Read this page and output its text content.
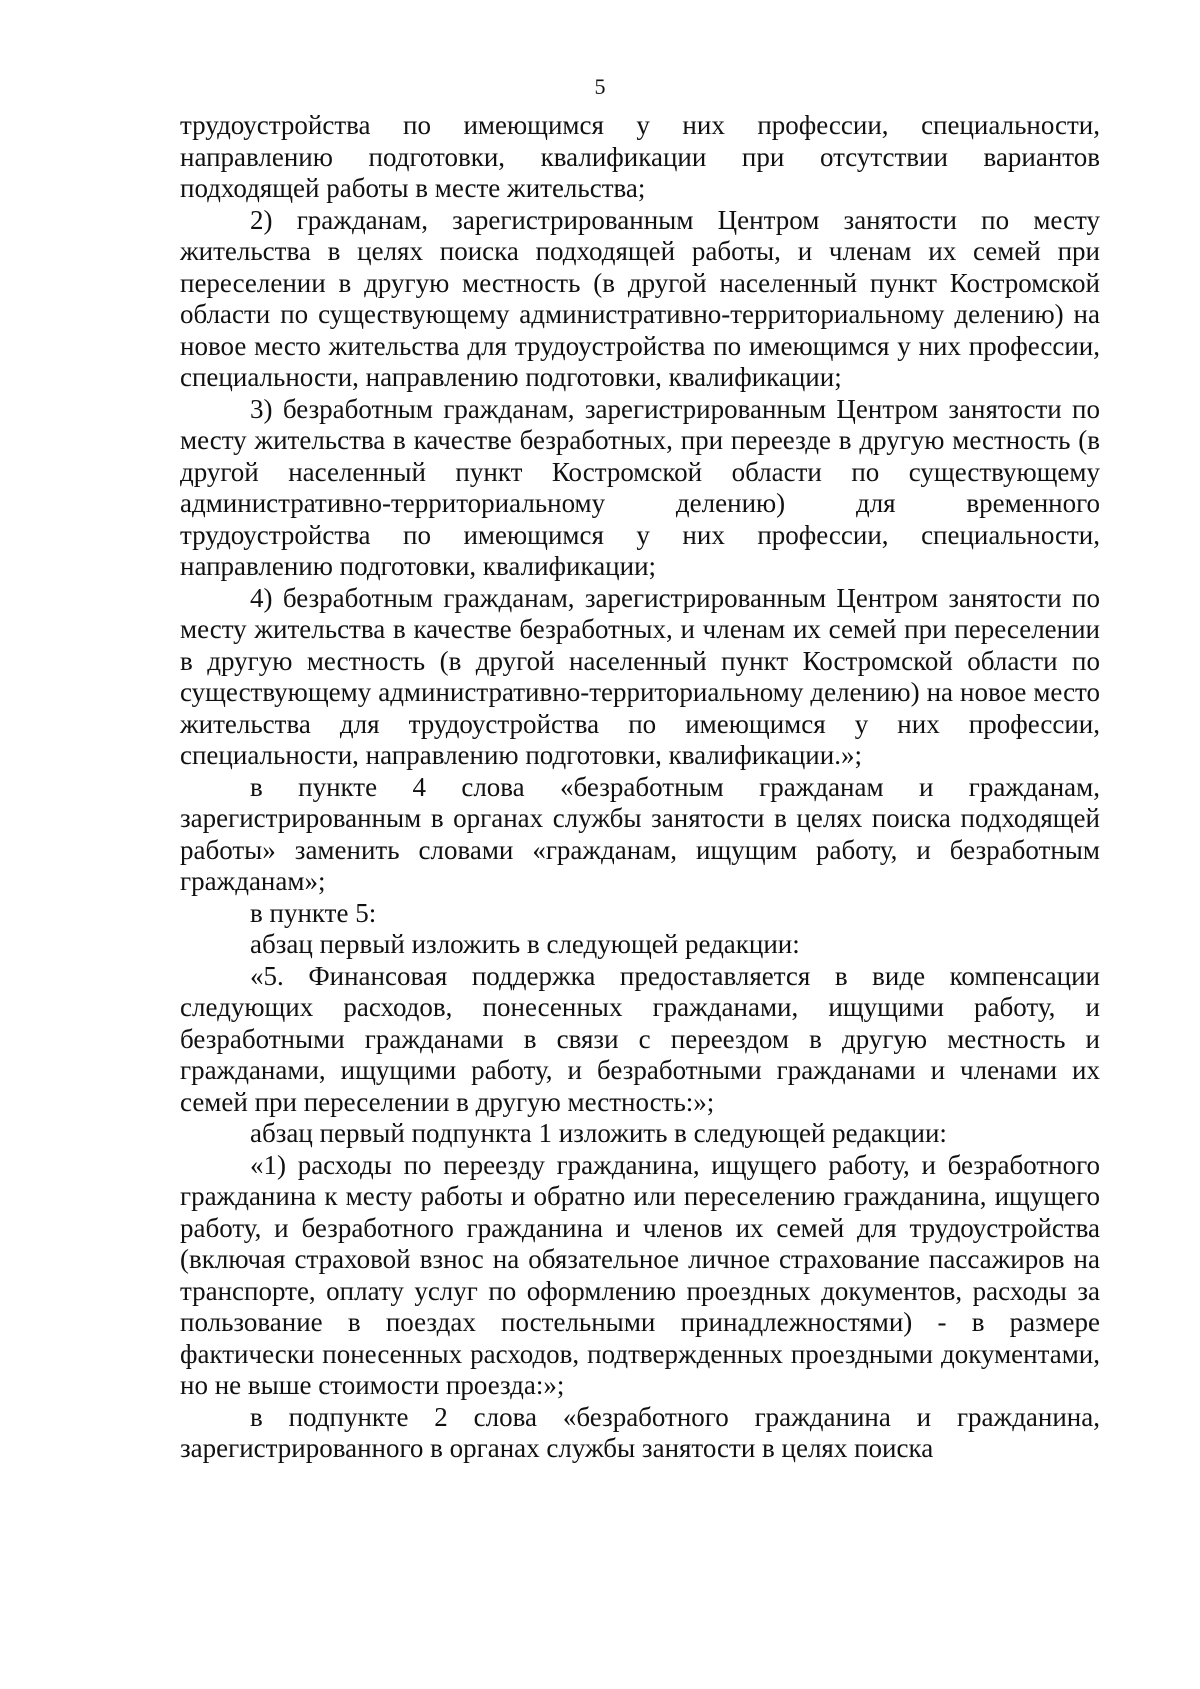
5

трудоустройства по имеющимся у них профессии, специальности, направлению подготовки, квалификации при отсутствии вариантов подходящей работы в месте жительства;

2) гражданам, зарегистрированным Центром занятости по месту жительства в целях поиска подходящей работы, и членам их семей при переселении в другую местность (в другой населенный пункт Костромской области по существующему административно-территориальному делению) на новое место жительства для трудоустройства по имеющимся у них профессии, специальности, направлению подготовки, квалификации;

3) безработным гражданам, зарегистрированным Центром занятости по месту жительства в качестве безработных, при переезде в другую местность (в другой населенный пункт Костромской области по существующему административно-территориальному делению) для временного трудоустройства по имеющимся у них профессии, специальности, направлению подготовки, квалификации;

4) безработным гражданам, зарегистрированным Центром занятости по месту жительства в качестве безработных, и членам их семей при переселении в другую местность (в другой населенный пункт Костромской области по существующему административно-территориальному делению) на новое место жительства для трудоустройства по имеющимся у них профессии, специальности, направлению подготовки, квалификации.»;

в пункте 4 слова «безработным гражданам и гражданам, зарегистрированным в органах службы занятости в целях поиска подходящей работы» заменить словами «гражданам, ищущим работу, и безработным гражданам»;

в пункте 5:

абзац первый изложить в следующей редакции:

«5. Финансовая поддержка предоставляется в виде компенсации следующих расходов, понесенных гражданами, ищущими работу, и безработными гражданами в связи с переездом в другую местность и гражданами, ищущими работу, и безработными гражданами и членами их семей при переселении в другую местность:»;

абзац первый подпункта 1 изложить в следующей редакции:

«1) расходы по переезду гражданина, ищущего работу, и безработного гражданина к месту работы и обратно или переселению гражданина, ищущего работу, и безработного гражданина и членов их семей для трудоустройства (включая страховой взнос на обязательное личное страхование пассажиров на транспорте, оплату услуг по оформлению проездных документов, расходы за пользование в поездах постельными принадлежностями) - в размере фактически понесенных расходов, подтвержденных проездными документами, но не выше стоимости проезда:»;

в подпункте 2 слова «безработного гражданина и гражданина, зарегистрированного в органах службы занятости в целях поиска
